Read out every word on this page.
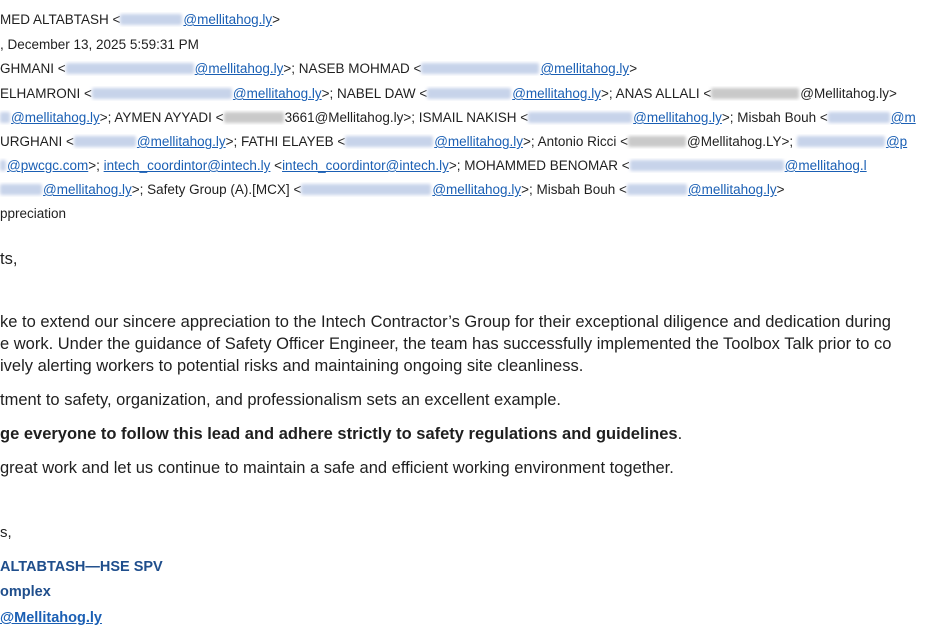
MED ALTABTASH <	@mellitahog.ly>
, December 13, 2025 5:59:31 PM
GHMANI <	@mellitahog.ly>; NASEB MOHMAD <	@mellitahog.ly>
ELHAMRONI <	@mellitahog.ly>; NABEL DAW <	@mellitahog.ly>; ANAS ALLALI <	@Mellitahog.ly>
@mellitahog.ly>; AYMEN AYYADI <	3661@Mellitahog.ly>; ISMAIL NAKISH <	@mellitahog.ly>; Misbah Bouh <	@m
URGHANI <	@mellitahog.ly>; FATHI ELAYEB <	@mellitahog.ly>; Antonio Ricci <	@Mellitahog.LY>;	@p
@pwcgc.com>; intech_coordintor@intech.ly <intech_coordintor@intech.ly>; MOHAMMED BENOMAR <	@mellitahog.l
@mellitahog.ly>; Safety Group (A).[MCX] <	@mellitahog.ly>; Misbah Bouh <	@mellitahog.ly>
ppreciation
ts,
ke to extend our sincere appreciation to the Intech Contractor’s Group for their exceptional diligence and dedication during
e work. Under the guidance of Safety Officer Engineer, the team has successfully implemented the Toolbox Talk prior to co
ively alerting workers to potential risks and maintaining ongoing site cleanliness.
tment to safety, organization, and professionalism sets an excellent example.
ge everyone to follow this lead and adhere strictly to safety regulations and guidelines.
great work and let us continue to maintain a safe and efficient working environment together.
s,
ALTABTASH—HSE SPV
omplex
@Mellitahog.ly
